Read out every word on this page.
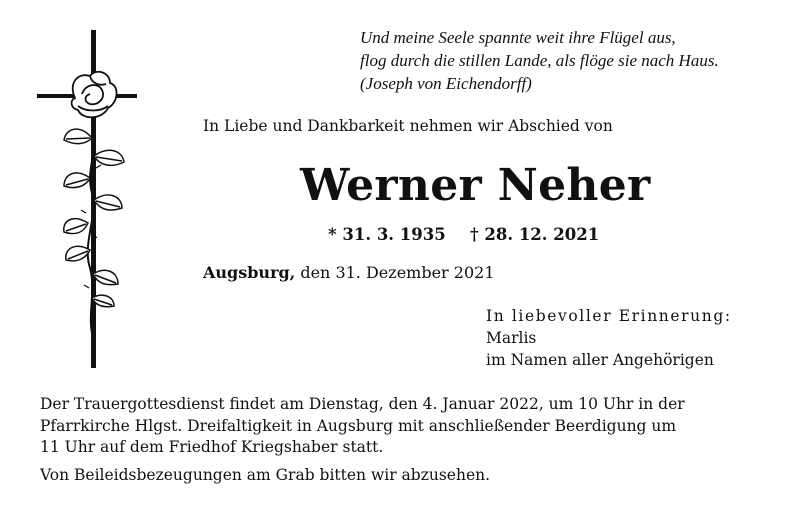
Und meine Seele spannte weit ihre Flügel aus,
flog durch die stillen Lande, als flöge sie nach Haus.
(Joseph von Eichendorff)
In Liebe und Dankbarkeit nehmen wir Abschied von
Werner Neher
* 31. 3. 1935 † 28. 12. 2021
Augsburg, den 31. Dezember 2021
In liebevoller Erinnerung:
Marlis
im Namen aller Angehörigen
Der Trauergottesdienst findet am Dienstag, den 4. Januar 2022, um 10 Uhr in der
Pfarrkirche Hlgst. Dreifaltigkeit in Augsburg mit anschließender Beerdigung um
11 Uhr auf dem Friedhof Kriegshaber statt.
Von Beileidsbezeugungen am Grab bitten wir abzusehen.
